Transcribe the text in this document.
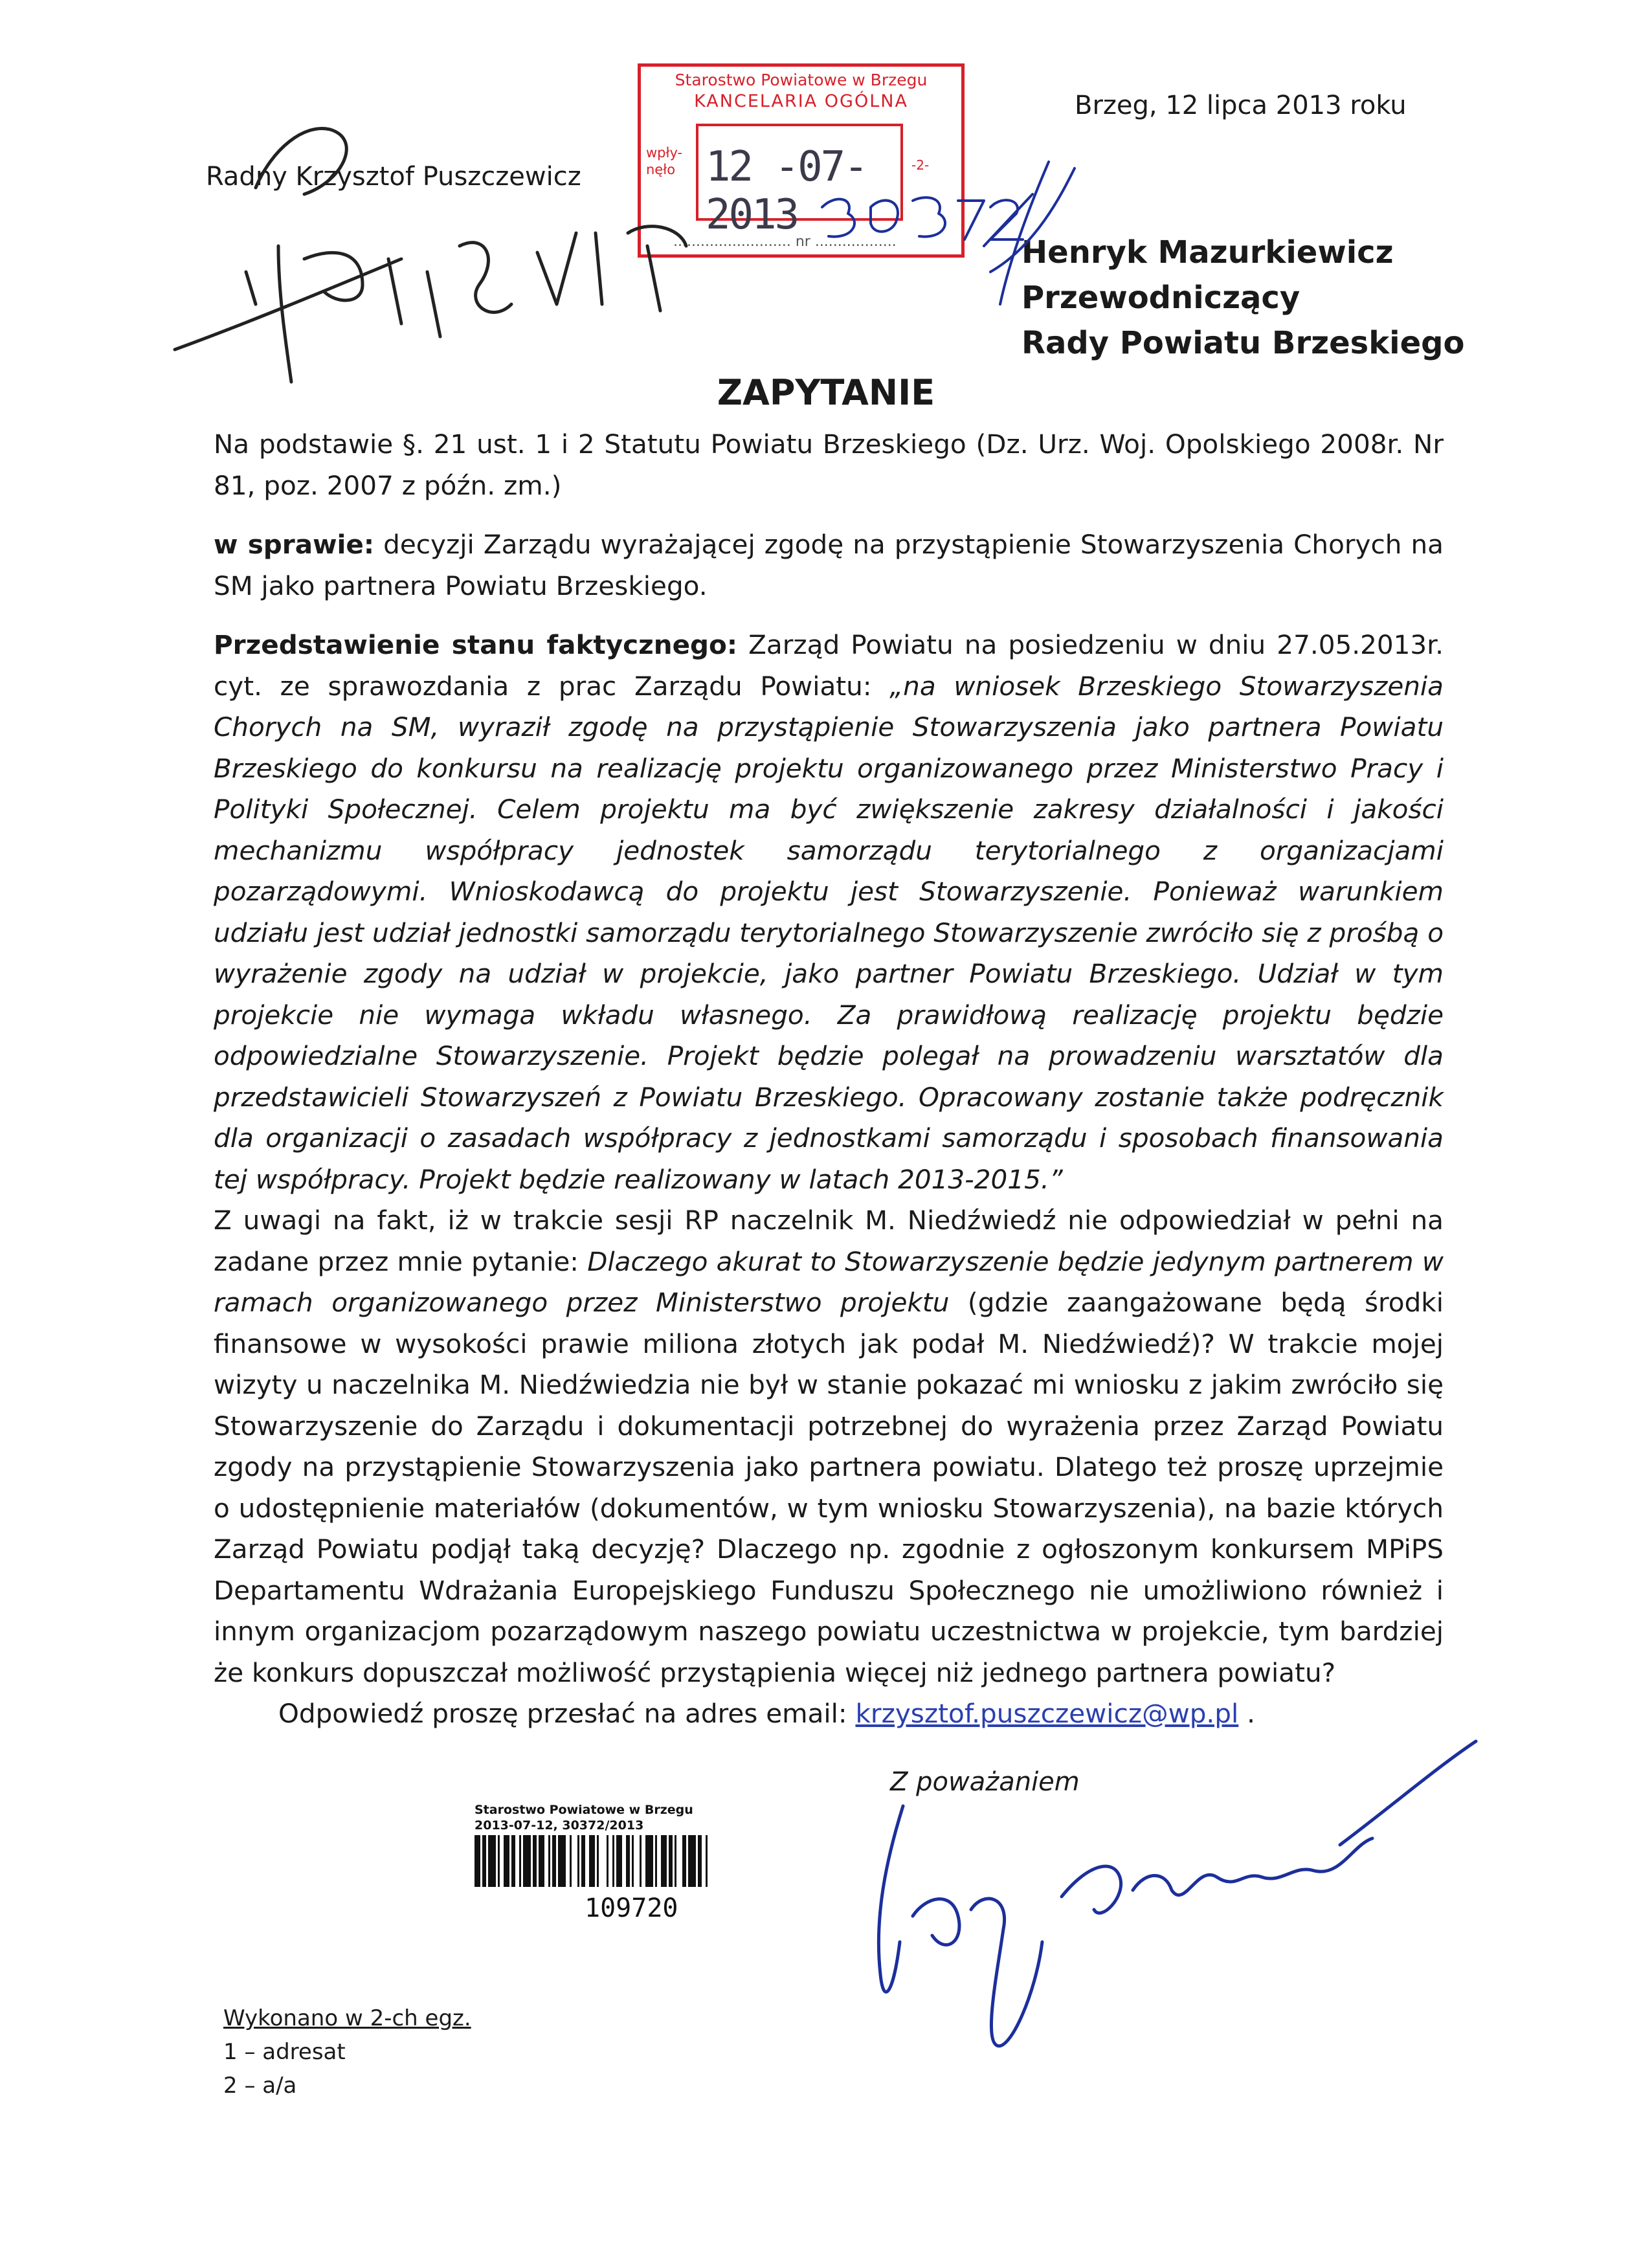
Radny Krzysztof Puszczewicz
Brzeg, 12 lipca 2013 roku
Starostwo Powiatowe w Brzegu
KANCELARIA OGÓLNA
wpły-
nęło 12 -07- 2013
-2-
.......................... nr ..................	Henryk Mazurkiewicz
Przewodniczący
Rady Powiatu Brzeskiego
ZAPYTANIE

Na podstawie §. 21 ust. 1 i 2 Statutu Powiatu Brzeskiego (Dz. Urz. Woj. Opolskiego 2008r. Nr 81, poz. 2007 z późn. zm.)

w sprawie: decyzji Zarządu wyrażającej zgodę na przystąpienie Stowarzyszenia Chorych na SM jako partnera Powiatu Brzeskiego.

Przedstawienie stanu faktycznego: Zarząd Powiatu na posiedzeniu w dniu 27.05.2013r. cyt. ze sprawozdania z prac Zarządu Powiatu: „na wniosek Brzeskiego Stowarzyszenia Chorych na SM, wyraził zgodę na przystąpienie Stowarzyszenia jako partnera Powiatu Brzeskiego do konkursu na realizację projektu organizowanego przez Ministerstwo Pracy i Polityki Społecznej. Celem projektu ma być zwiększenie zakresy działalności i jakości mechanizmu współpracy jednostek samorządu terytorialnego z organizacjami pozarządowymi. Wnioskodawcą do projektu jest Stowarzyszenie. Ponieważ warunkiem udziału jest udział jednostki samorządu terytorialnego Stowarzyszenie zwróciło się z prośbą o wyrażenie zgody na udział w projekcie, jako partner Powiatu Brzeskiego. Udział w tym projekcie nie wymaga wkładu własnego. Za prawidłową realizację projektu będzie odpowiedzialne Stowarzyszenie. Projekt będzie polegał na prowadzeniu warsztatów dla przedstawicieli Stowarzyszeń z Powiatu Brzeskiego. Opracowany zostanie także podręcznik dla organizacji o zasadach współpracy z jednostkami samorządu i sposobach finansowania tej współpracy. Projekt będzie realizowany w latach 2013-2015.”

Z uwagi na fakt, iż w trakcie sesji RP naczelnik M. Niedźwiedź nie odpowiedział w pełni na zadane przez mnie pytanie: Dlaczego akurat to Stowarzyszenie będzie jedynym partnerem w ramach organizowanego przez Ministerstwo projektu (gdzie zaangażowane będą środki finansowe w wysokości prawie miliona złotych jak podał M. Niedźwiedź)? W trakcie mojej wizyty u naczelnika M. Niedźwiedzia nie był w stanie pokazać mi wniosku z jakim zwróciło się Stowarzyszenie do Zarządu i dokumentacji potrzebnej do wyrażenia przez Zarząd Powiatu zgody na przystąpienie Stowarzyszenia jako partnera powiatu. Dlatego też proszę uprzejmie o udostępnienie materiałów (dokumentów, w tym wniosku Stowarzyszenia), na bazie których Zarząd Powiatu podjął taką decyzję? Dlaczego np. zgodnie z ogłoszonym konkursem MPiPS Departamentu Wdrażania Europejskiego Funduszu Społecznego nie umożliwiono również i innym organizacjom pozarządowym naszego powiatu uczestnictwa w projekcie, tym bardziej że konkurs dopuszczał możliwość przystąpienia więcej niż jednego partnera powiatu?

Odpowiedź proszę przesłać na adres email: krzysztof.puszczewicz@wp.pl .

Z poważaniem
Starostwo Powiatowe w Brzegu
2013-07-12, 30372/2013
109720
Wykonano w 2-ch egz.
1 – adresat
2 – a/a
